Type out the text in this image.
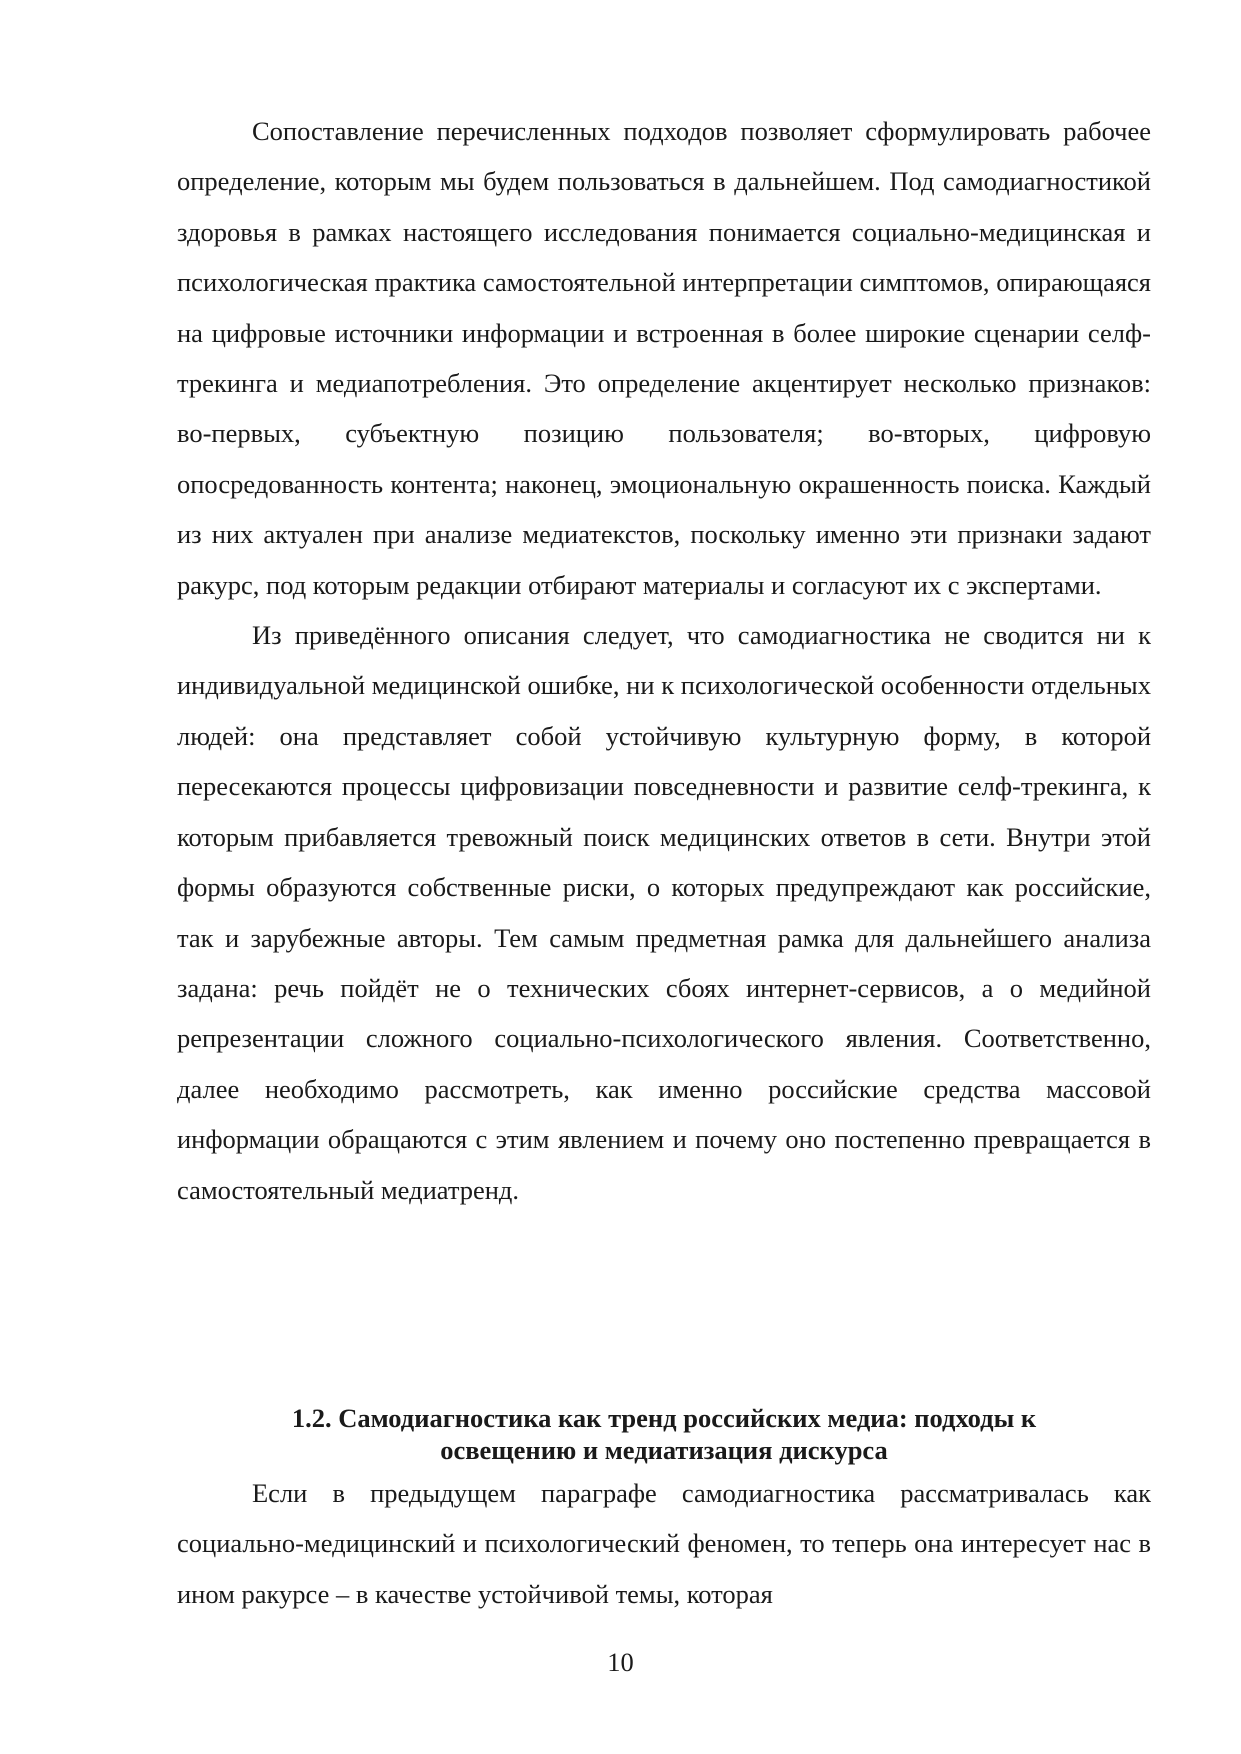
Сопоставление перечисленных подходов позволяет сформулировать рабочее определение, которым мы будем пользоваться в дальнейшем. Под самодиагностикой здоровья в рамках настоящего исследования понимается социально-медицинская и психологическая практика самостоятельной интерпретации симптомов, опирающаяся на цифровые источники информации и встроенная в более широкие сценарии селф-трекинга и медиапотребления. Это определение акцентирует несколько признаков: во-первых, субъектную позицию пользователя; во-вторых, цифровую опосредованность контента; наконец, эмоциональную окрашенность поиска. Каждый из них актуален при анализе медиатекстов, поскольку именно эти признаки задают ракурс, под которым редакции отбирают материалы и согласуют их с экспертами.

Из приведённого описания следует, что самодиагностика не сводится ни к индивидуальной медицинской ошибке, ни к психологической особенности отдельных людей: она представляет собой устойчивую культурную форму, в которой пересекаются процессы цифровизации повседневности и развитие селф-трекинга, к которым прибавляется тревожный поиск медицинских ответов в сети. Внутри этой формы образуются собственные риски, о которых предупреждают как российские, так и зарубежные авторы. Тем самым предметная рамка для дальнейшего анализа задана: речь пойдёт не о технических сбоях интернет-сервисов, а о медийной репрезентации сложного социально-психологического явления. Соответственно, далее необходимо рассмотреть, как именно российские средства массовой информации обращаются с этим явлением и почему оно постепенно превращается в самостоятельный медиатренд.

1.2. Самодиагностика как тренд российских медиа: подходы к
освещению и медиатизация дискурса

Если в предыдущем параграфе самодиагностика рассматривалась как социально-медицинский и психологический феномен, то теперь она интересует нас в ином ракурсе – в качестве устойчивой темы, которая

10
